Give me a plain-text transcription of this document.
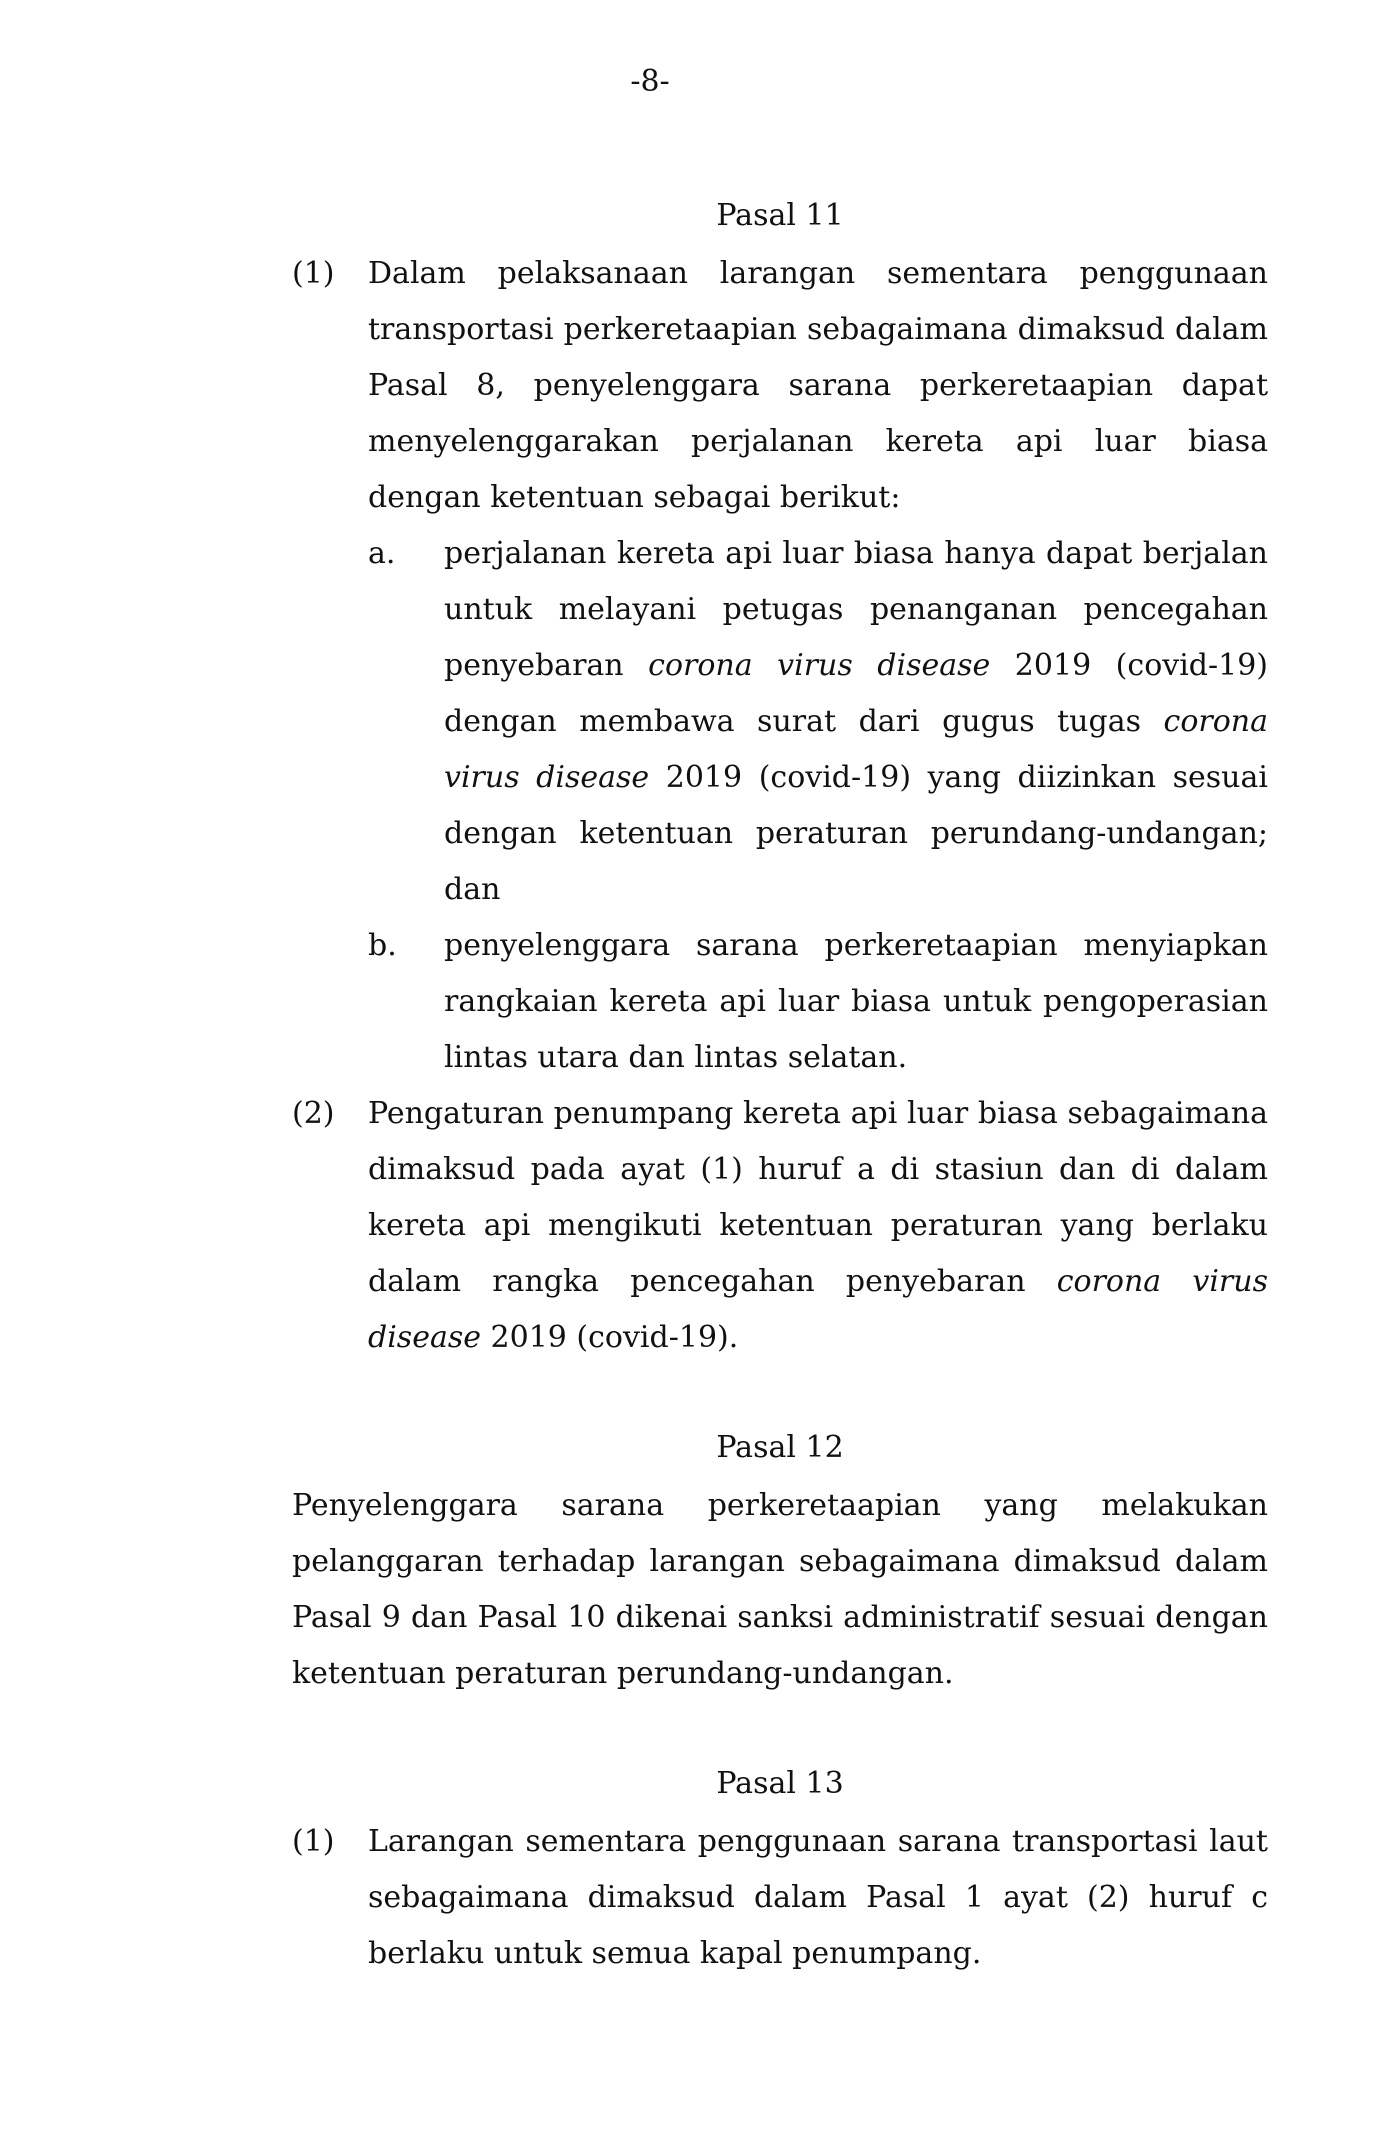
-8-
Pasal 11
(1) Dalam pelaksanaan larangan sementara penggunaan transportasi perkeretaapian sebagaimana dimaksud dalam Pasal 8, penyelenggara sarana perkeretaapian dapat menyelenggarakan perjalanan kereta api luar biasa dengan ketentuan sebagai berikut:
a. perjalanan kereta api luar biasa hanya dapat berjalan untuk melayani petugas penanganan pencegahan penyebaran corona virus disease 2019 (covid-19) dengan membawa surat dari gugus tugas corona virus disease 2019 (covid-19) yang diizinkan sesuai dengan ketentuan peraturan perundang-undangan; dan
b. penyelenggara sarana perkeretaapian menyiapkan rangkaian kereta api luar biasa untuk pengoperasian lintas utara dan lintas selatan.
(2) Pengaturan penumpang kereta api luar biasa sebagaimana dimaksud pada ayat (1) huruf a di stasiun dan di dalam kereta api mengikuti ketentuan peraturan yang berlaku dalam rangka pencegahan penyebaran corona virus disease 2019 (covid-19).
Pasal 12
Penyelenggara sarana perkeretaapian yang melakukan pelanggaran terhadap larangan sebagaimana dimaksud dalam Pasal 9 dan Pasal 10 dikenai sanksi administratif sesuai dengan ketentuan peraturan perundang-undangan.
Pasal 13
(1) Larangan sementara penggunaan sarana transportasi laut sebagaimana dimaksud dalam Pasal 1 ayat (2) huruf c berlaku untuk semua kapal penumpang.
